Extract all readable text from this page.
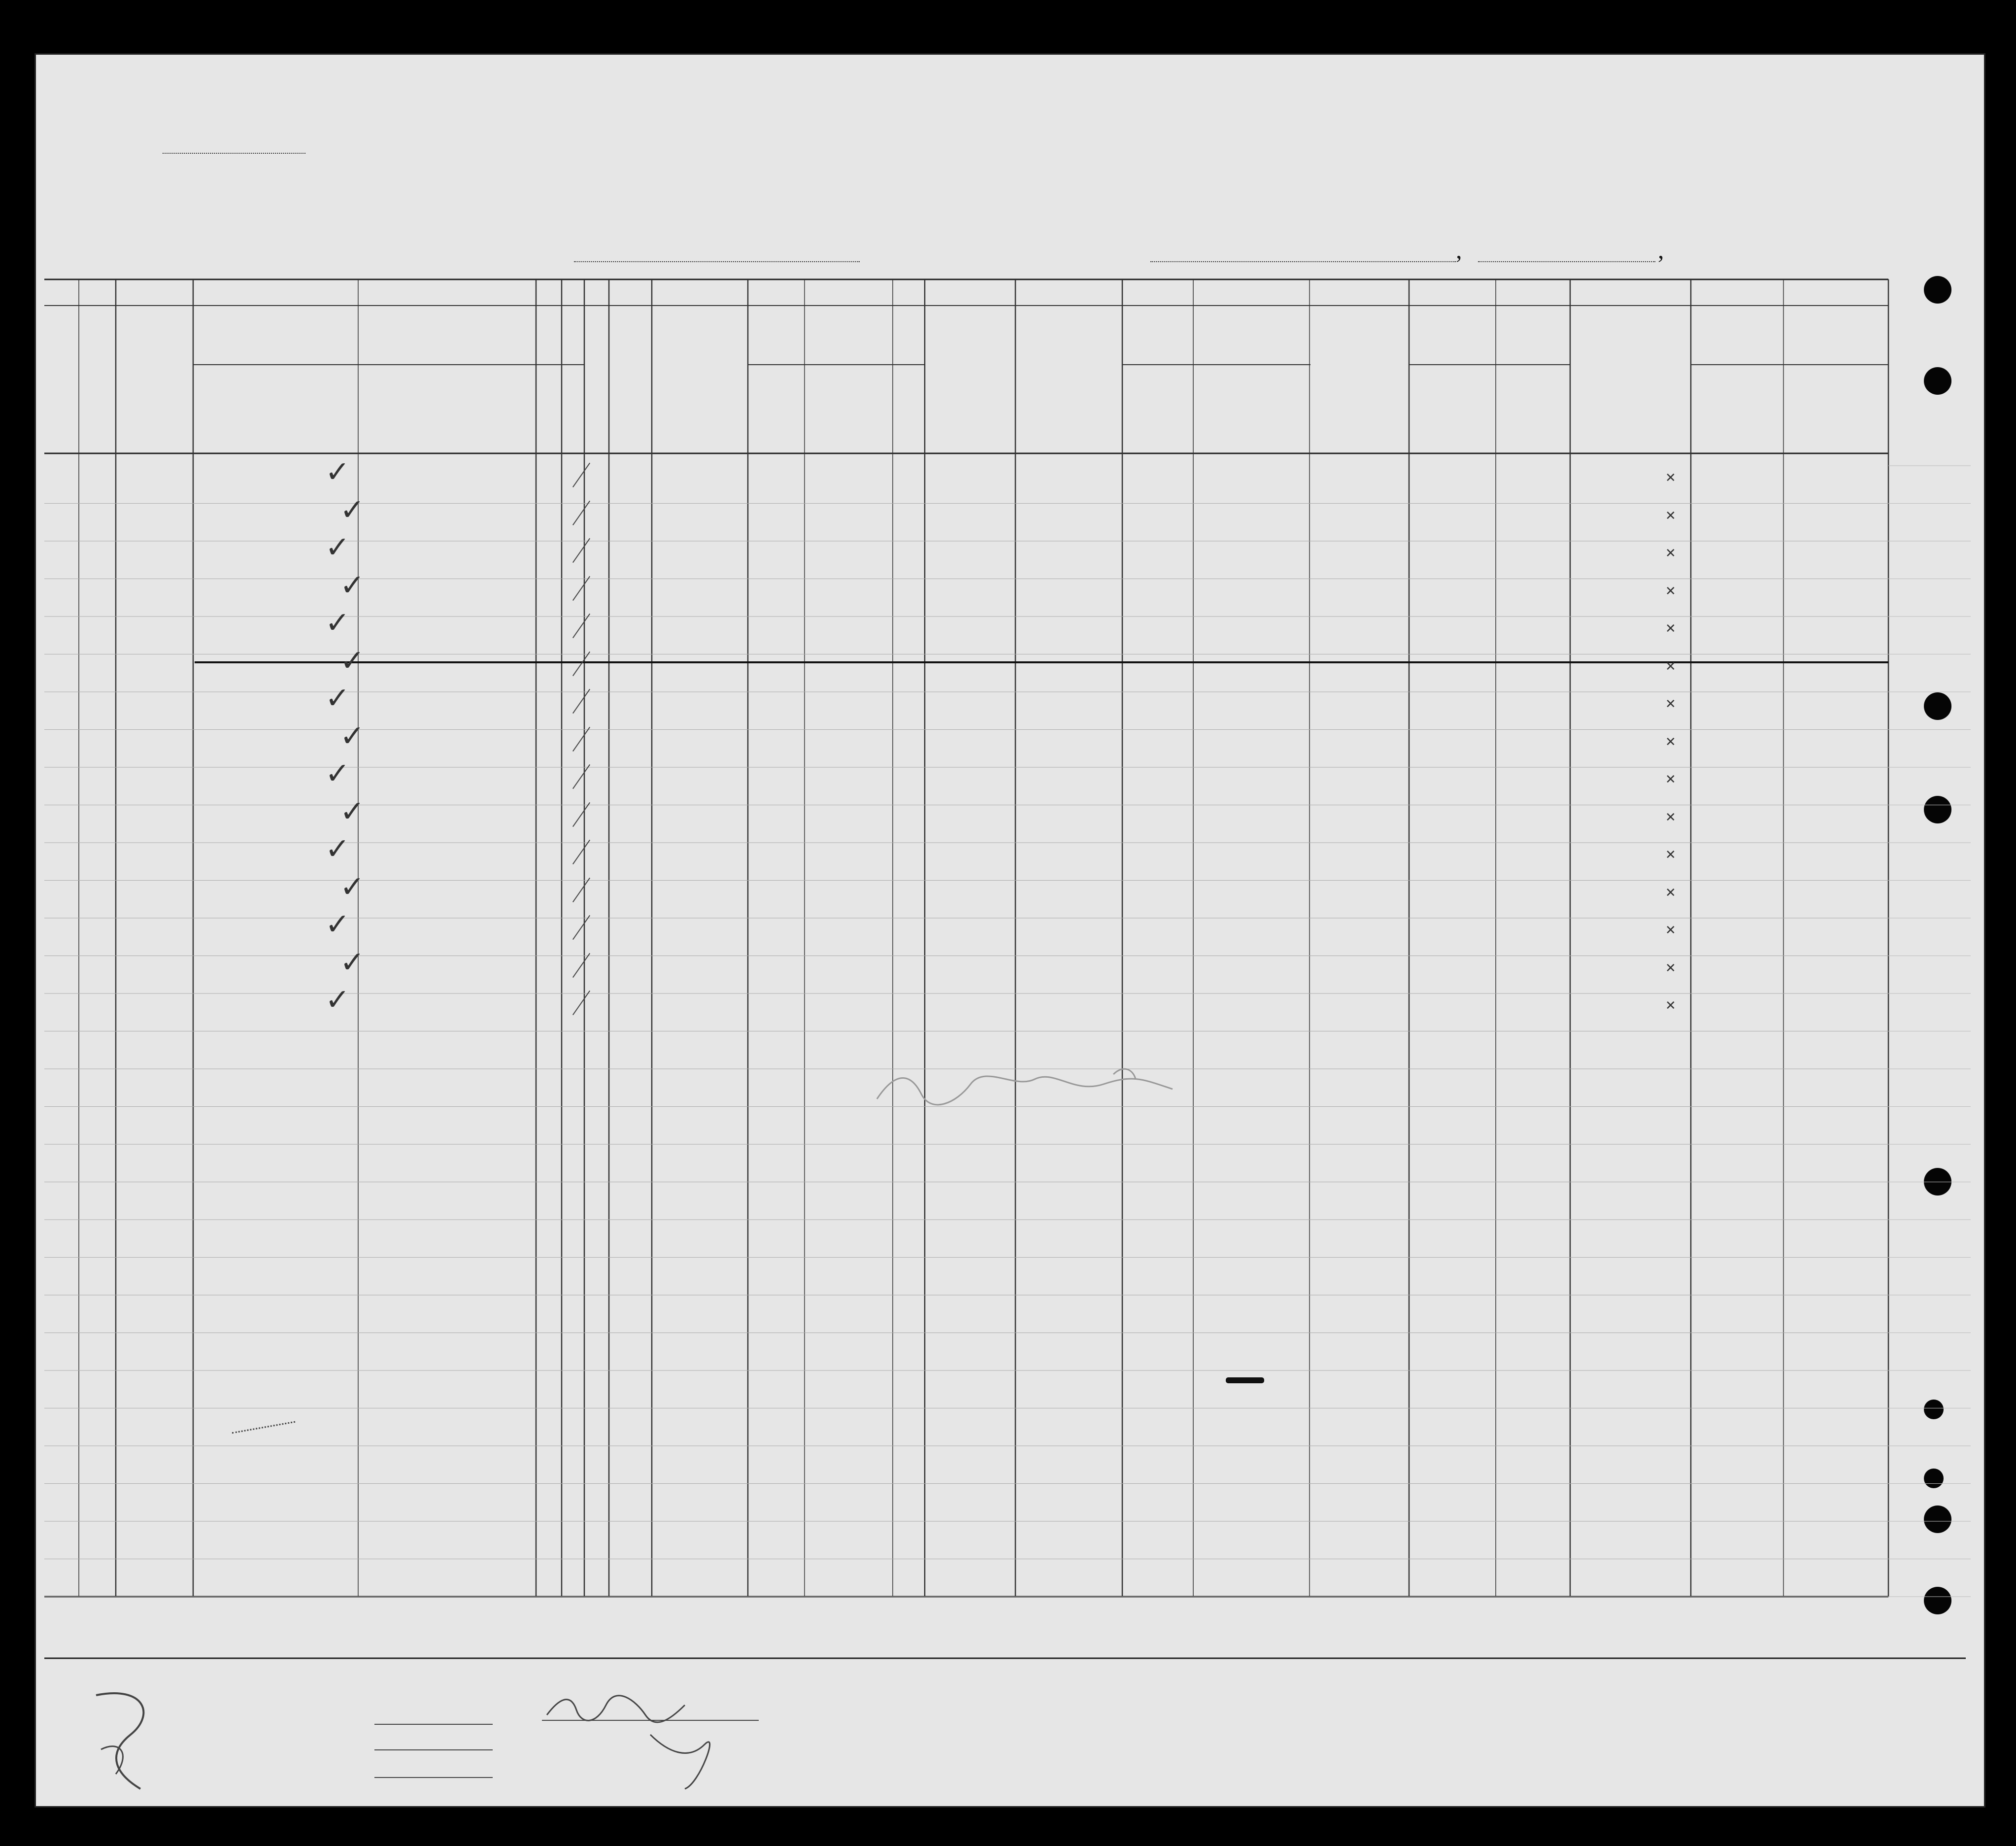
,	,
✓	✕
✓	✕
✓	✕
✓	✕
✓	✕
✓	✕
✓	✕
✓	✕
✓	✕
✓	✕
✓	✕
✓	✕
✓	✕
✓	✕
✓	✕
